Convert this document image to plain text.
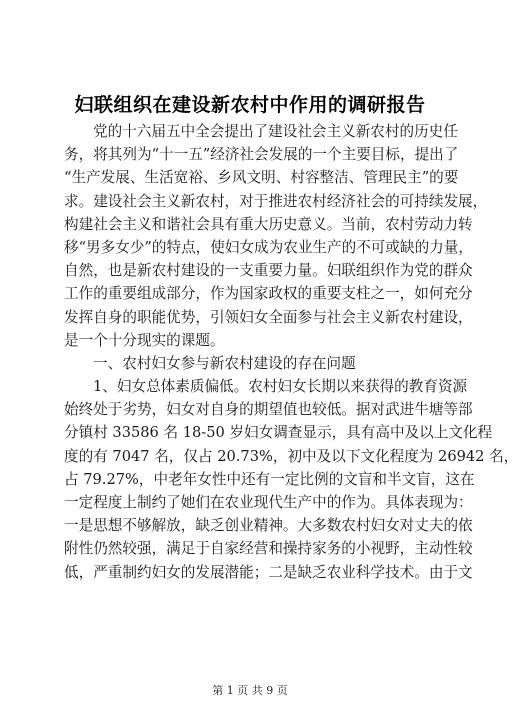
妇联组织在建设新农村中作用的调研报告
党的十六届五中全会提出了建设社会主义新农村的历史任
务，将其列为“十一五”经济社会发展的一个主要目标，提出了
“生产发展、生活宽裕、乡风文明、村容整洁、管理民主”的要
求。建设社会主义新农村，对于推进农村经济社会的可持续发展，
构建社会主义和谐社会具有重大历史意义。当前，农村劳动力转
移“男多女少”的特点，使妇女成为农业生产的不可或缺的力量，
自然，也是新农村建设的一支重要力量。妇联组织作为党的群众
工作的重要组成部分，作为国家政权的重要支柱之一，如何充分
发挥自身的职能优势，引领妇女全面参与社会主义新农村建设，
是一个十分现实的课题。
一、农村妇女参与新农村建设的存在问题
1、妇女总体素质偏低。农村妇女长期以来获得的教育资源
始终处于劣势，妇女对自身的期望值也较低。据对武进牛塘等部
分镇村 33586 名 18-50 岁妇女调查显示，具有高中及以上文化程
度的有 7047 名，仅占 20.73%，初中及以下文化程度为 26942 名，
占 79.27%，中老年女性中还有一定比例的文盲和半文盲，这在
一定程度上制约了她们在农业现代生产中的作为。具体表现为：
一是思想不够解放，缺乏创业精神。大多数农村妇女对丈夫的依
附性仍然较强，满足于自家经营和操持家务的小视野，主动性较
低，严重制约妇女的发展潜能；二是缺乏农业科学技术。由于文
第 1 页 共 9 页
